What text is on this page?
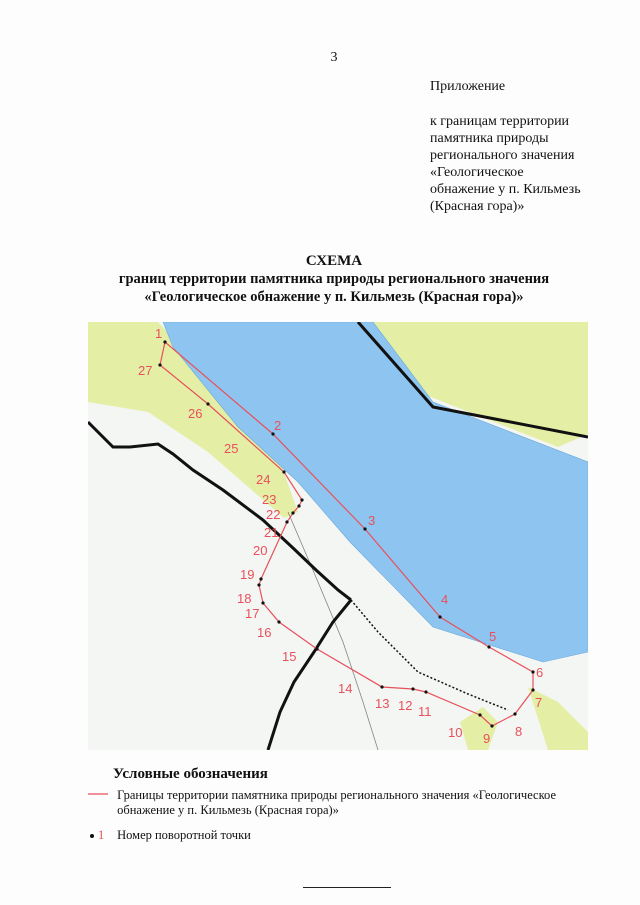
3
Приложение
к границам территории
памятника природы
регионального значения
«Геологическое
обнажение у п. Кильмезь
(Красная гора)»
СХЕМА
границ территории памятника природы регионального значения
«Геологическое обнажение у п. Кильмезь (Красная гора)»
1
2
3
4
5
6
7
8
9
10
11
12
13
14
15
16
17
18
19
20
21
22
23
24
25
26
27
Условные обозначения
Границы территории памятника природы регионального значения «Геологическое обнажение у п. Кильмезь (Красная гора)»
1 Номер поворотной точки
